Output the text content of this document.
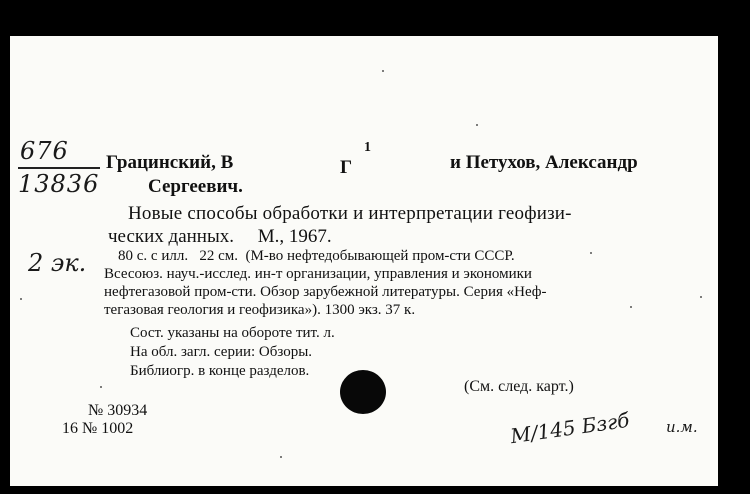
676
13836
Грацинский, В	Г
1
и Петухов, Александр
Сергеевич.
Новые способы обработки и интерпретации геофизи-
ческих данных.     М., 1967.
2 эк. 80 с. с илл.   22 см.  (М-во нефтедобывающей пром-сти СССР.
Всесоюз. науч.-исслед. ин-т организации, управления и экономики
нефтегазовой пром-сти. Обзор зарубежной литературы. Серия «Неф-
тегазовая геология и геофизика»). 1300 экз. 37 к.
Сост. указаны на обороте тит. л.
На обл. загл. серии: Обзоры.
Библиогр. в конце разделов.
(См. след. карт.)
№ 30934
16 № 1002	М/145 Бзгб и.м.
